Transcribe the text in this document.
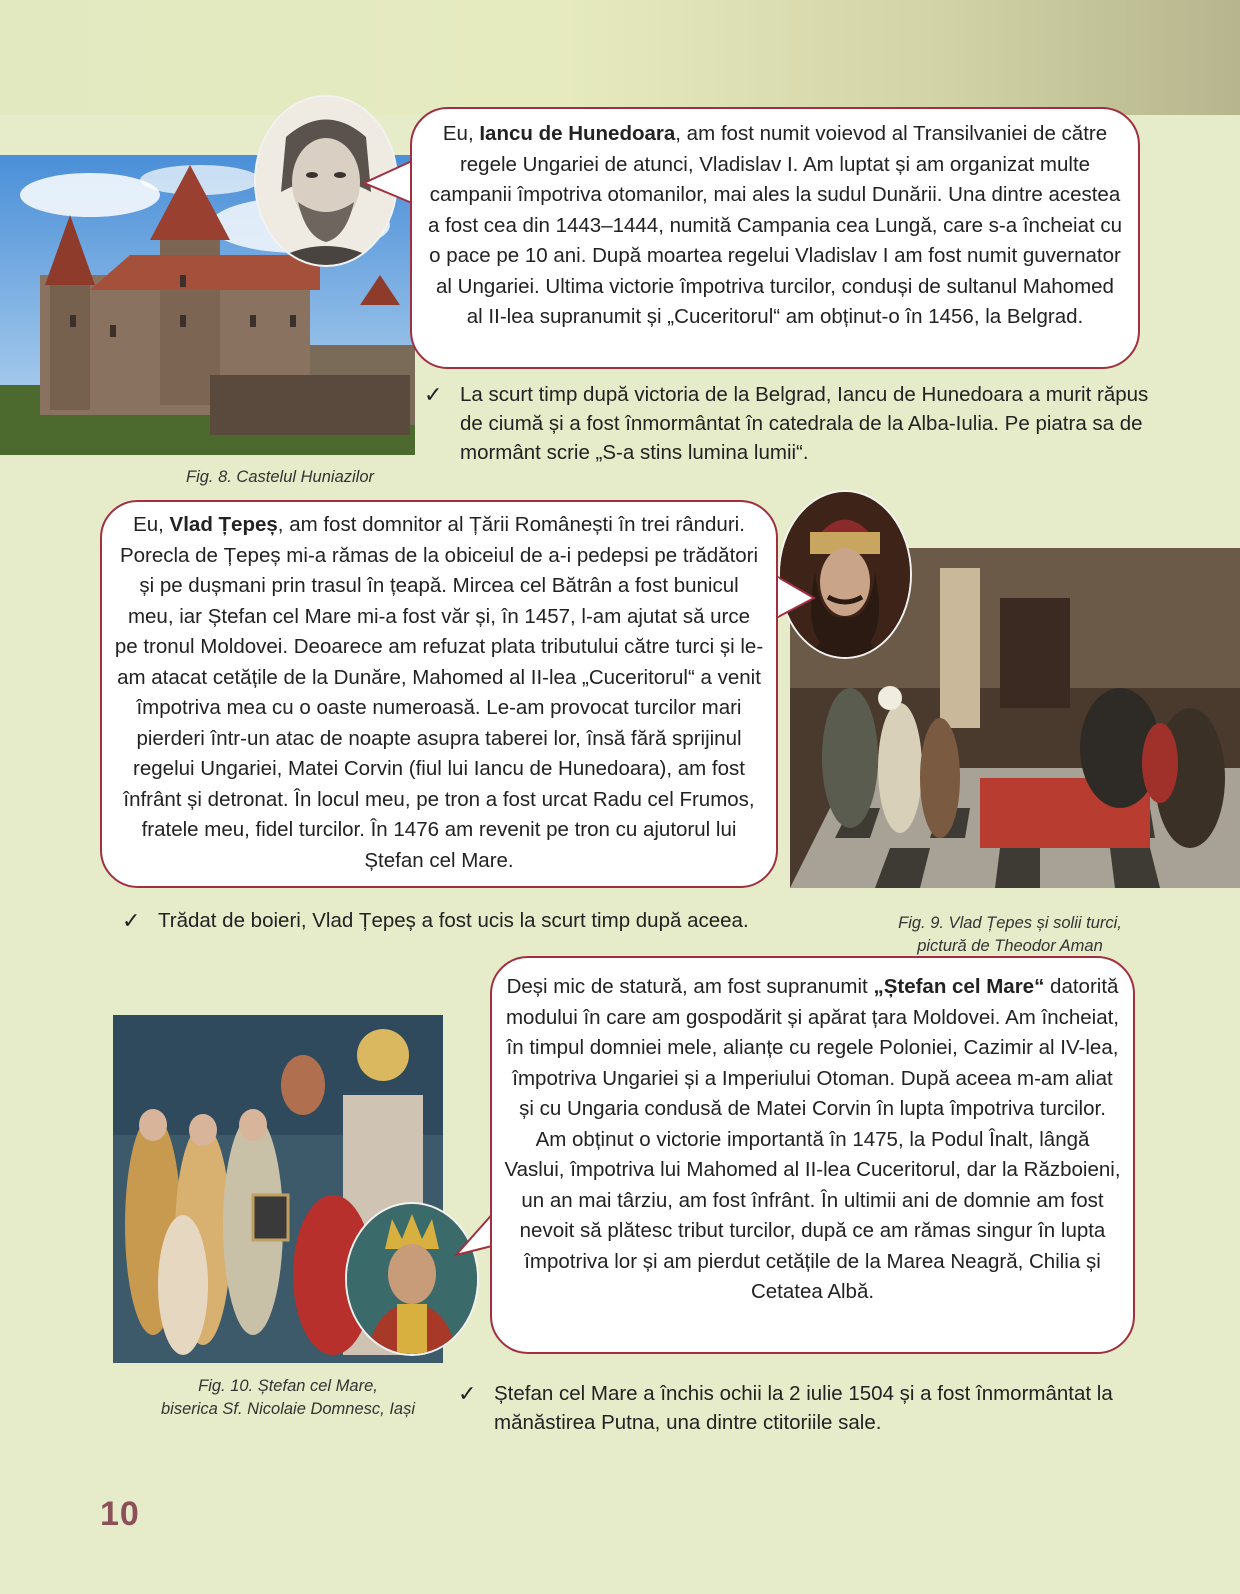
Fig. 8. Castelul Huniazilor
Eu, Iancu de Hunedoara, am fost numit voievod al Transilvaniei de către regele Ungariei de atunci, Vladislav I. Am luptat și am organizat multe campanii împotriva otomanilor, mai ales la sudul Dunării. Una dintre acestea a fost cea din 1443–1444, numită Campania cea Lungă, care s-a încheiat cu o pace pe 10 ani. După moartea regelui Vladislav I am fost numit guvernator al Ungariei. Ultima victorie împotriva turcilor, conduși de sultanul Mahomed al II-lea supranumit și „Cuceritorul“ am obținut-o în 1456, la Belgrad.
✓ La scurt timp după victoria de la Belgrad, Iancu de Hunedoara a murit răpus de ciumă și a fost înmormântat în catedrala de la Alba-Iulia. Pe piatra sa de mormânt scrie „S-a stins lumina lumii“.
Eu, Vlad Țepeș, am fost domnitor al Țării Românești în trei rânduri. Porecla de Țepeș mi-a rămas de la obiceiul de a-i pedepsi pe trădători și pe dușmani prin trasul în țeapă. Mircea cel Bătrân a fost bunicul meu, iar Ștefan cel Mare mi-a fost văr și, în 1457, l-am ajutat să urce pe tronul Moldovei. Deoarece am refuzat plata tributului către turci și le-am atacat cetățile de la Dunăre, Mahomed al II-lea „Cuceritorul“ a venit împotriva mea cu o oaste numeroasă. Le-am provocat turcilor mari pierderi într-un atac de noapte asupra taberei lor, însă fără sprijinul regelui Ungariei, Matei Corvin (fiul lui Iancu de Hunedoara), am fost înfrânt și detronat. În locul meu, pe tron a fost urcat Radu cel Frumos, fratele meu, fidel turcilor. În 1476 am revenit pe tron cu ajutorul lui Ștefan cel Mare.
✓ Trădat de boieri, Vlad Țepeș a fost ucis la scurt timp după aceea.	Fig. 9. Vlad Țepes și solii turci,
pictură de Theodor Aman
Deși mic de statură, am fost supranumit „Ștefan cel Mare“ datorită modului în care am gospodărit și apărat țara Moldovei. Am încheiat, în timpul domniei mele, alianțe cu regele Poloniei, Cazimir al IV-lea, împotriva Ungariei și a Imperiului Otoman. După aceea m-am aliat și cu Ungaria condusă de Matei Corvin în lupta împotriva turcilor. Am obținut o victorie importantă în 1475, la Podul Înalt, lângă Vaslui, împotriva lui Mahomed al II-lea Cuceritorul, dar la Războieni, un an mai târziu, am fost înfrânt. În ultimii ani de domnie am fost nevoit să plătesc tribut turcilor, după ce am rămas singur în lupta împotriva lor și am pierdut cetățile de la Marea Neagră, Chilia și Cetatea Albă.
Fig. 10. Ștefan cel Mare,
biserica Sf. Nicolaie Domnesc, Iași
✓ Ștefan cel Mare a închis ochii la 2 iulie 1504 și a fost înmormântat la mănăstirea Putna, una dintre ctitoriile sale.
10
